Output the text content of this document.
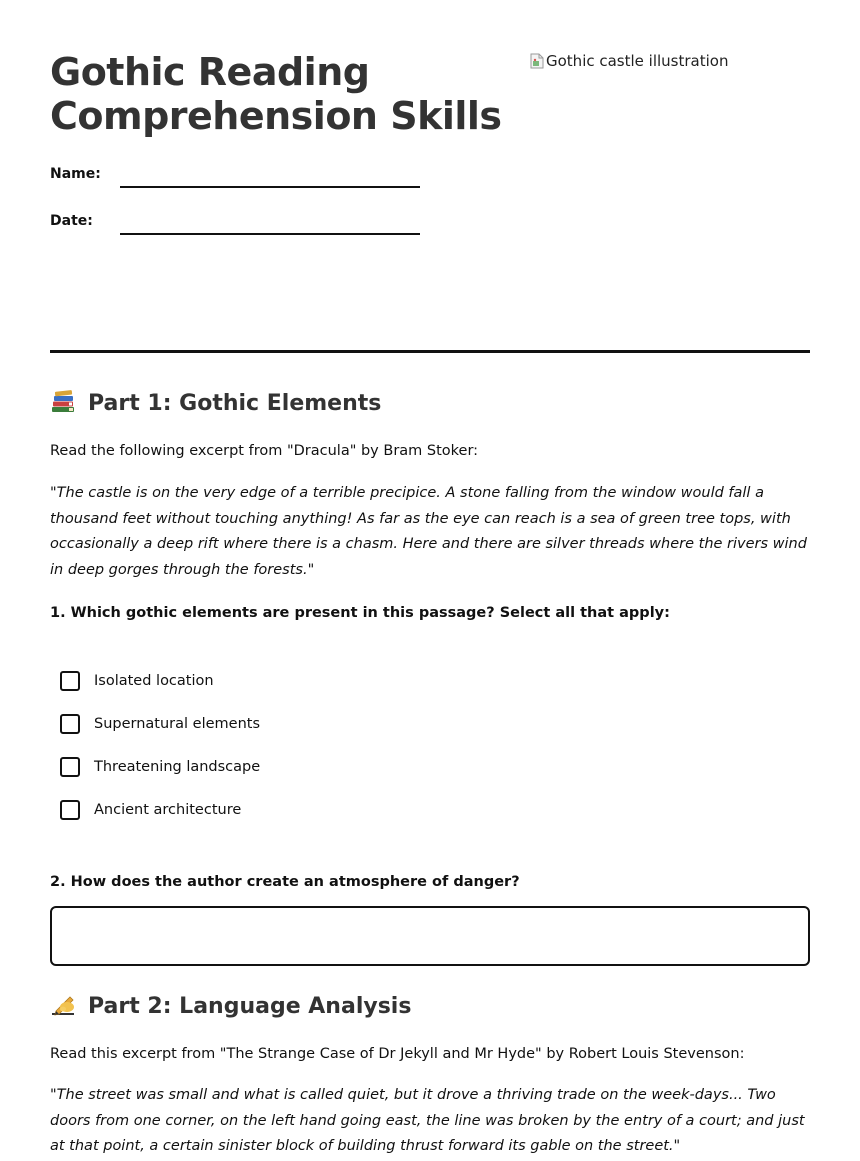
Gothic Reading Comprehension Skills
Gothic castle illustration
Name:
Date:
Part 1: Gothic Elements

Read the following excerpt from "Dracula" by Bram Stoker:

"The castle is on the very edge of a terrible precipice. A stone falling from the window would fall a thousand feet without touching anything! As far as the eye can reach is a sea of green tree tops, with occasionally a deep rift where there is a chasm. Here and there are silver threads where the rivers wind in deep gorges through the forests."

1. Which gothic elements are present in this passage? Select all that apply:

Isolated location
Supernatural elements
Threatening landscape
Ancient architecture

2. How does the author create an atmosphere of danger?

Part 2: Language Analysis

Read this excerpt from "The Strange Case of Dr Jekyll and Mr Hyde" by Robert Louis Stevenson:

"The street was small and what is called quiet, but it drove a thriving trade on the week-days... Two doors from one corner, on the left hand going east, the line was broken by the entry of a court; and just at that point, a certain sinister block of building thrust forward its gable on the street."
